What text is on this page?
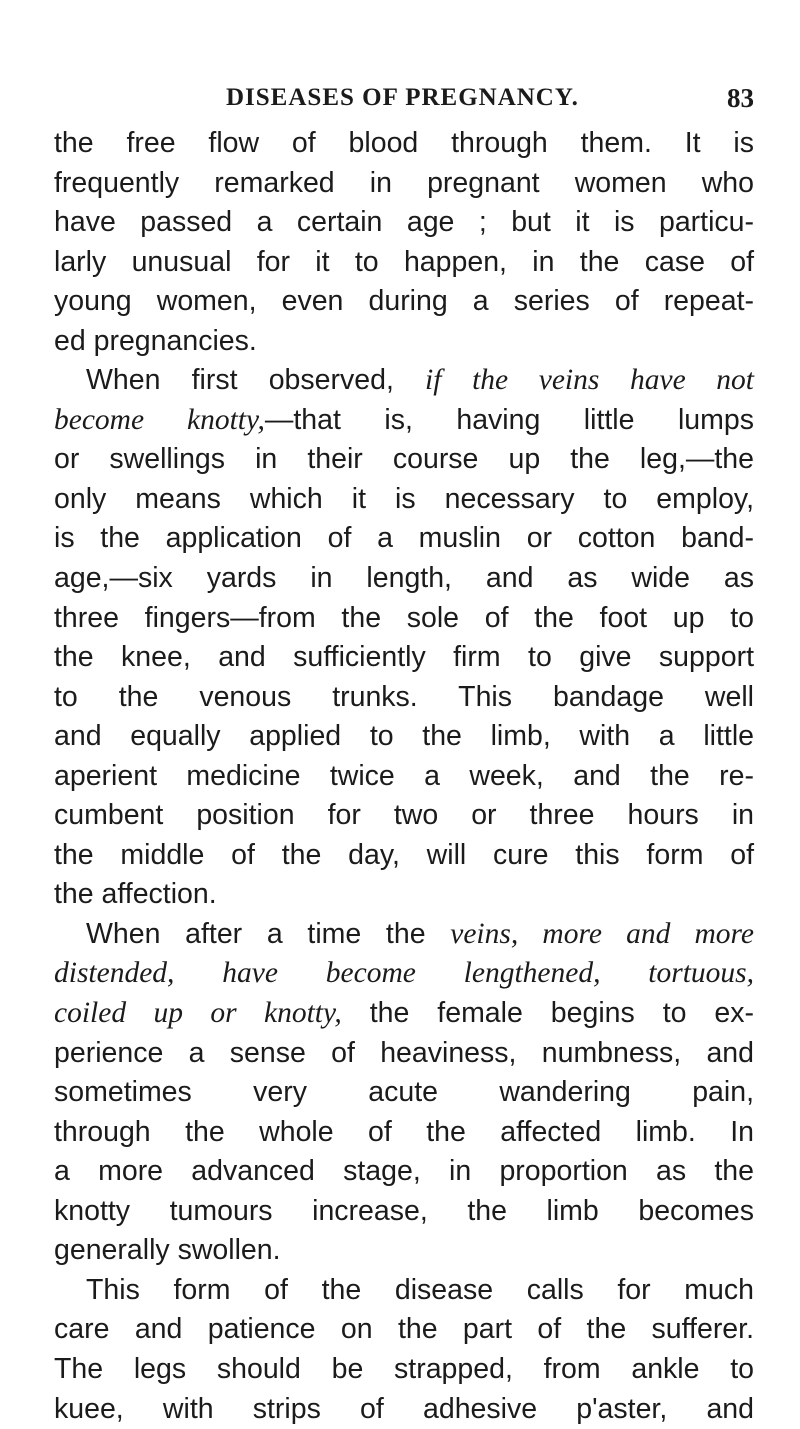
DISEASES OF PREGNANCY.	83
the free flow of blood through them. It is
frequently remarked in pregnant women who
have passed a certain age ; but it is particu-
larly unusual for it to happen, in the case of
young women, even during a series of repeat-
ed pregnancies.
When first observed, if the veins have not
become knotty,—that is, having little lumps
or swellings in their course up the leg,—the
only means which it is necessary to employ,
is the application of a muslin or cotton band-
age,—six yards in length, and as wide as
three fingers—from the sole of the foot up to
the knee, and sufficiently firm to give support
to the venous trunks. This bandage well
and equally applied to the limb, with a little
aperient medicine twice a week, and the re-
cumbent position for two or three hours in
the middle of the day, will cure this form of
the affection.
When after a time the veins, more and more
distended, have become lengthened, tortuous,
coiled up or knotty, the female begins to ex-
perience a sense of heaviness, numbness, and
sometimes very acute wandering pain,
through the whole of the affected limb. In
a more advanced stage, in proportion as the
knotty tumours increase, the limb becomes
generally swollen.
This form of the disease calls for much
care and patience on the part of the sufferer.
The legs should be strapped, from ankle to
kuee, with strips of adhesive p'aster, and
